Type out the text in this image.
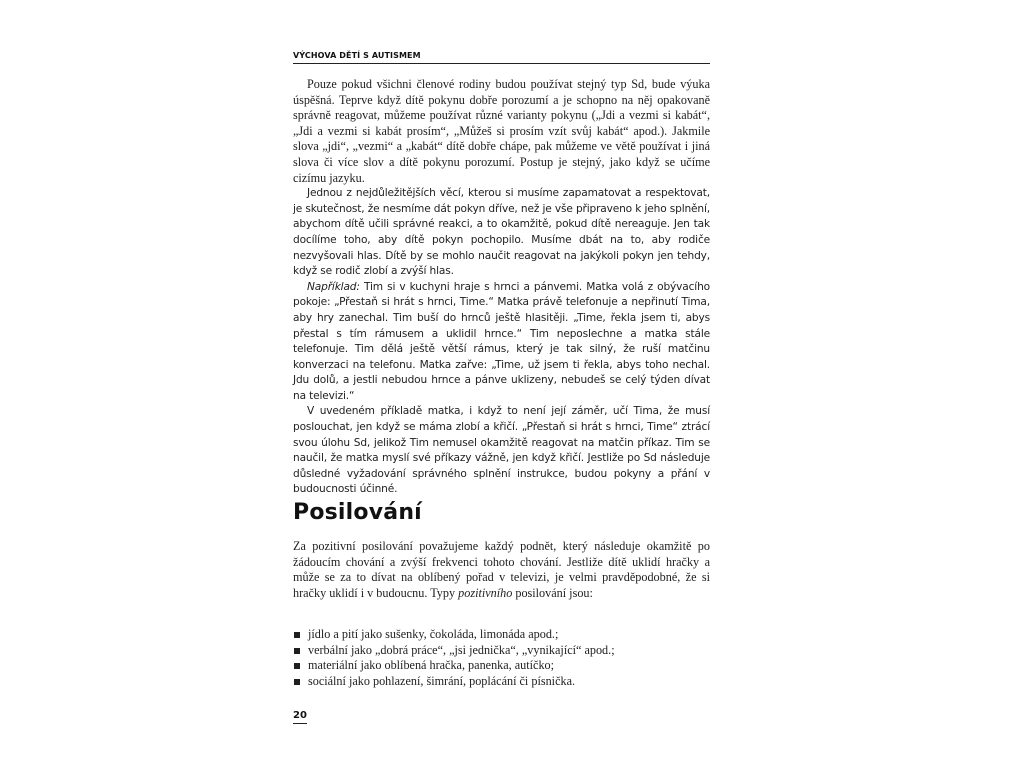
VÝCHOVA DĚTÍ S AUTISMEM

Pouze pokud všichni členové rodiny budou používat stejný typ Sd, bude výuka úspěšná. Teprve když dítě pokynu dobře porozumí a je schopno na něj opakovaně správně reagovat, můžeme používat různé varianty pokynu („Jdi a vezmi si kabát“, „Jdi a vezmi si kabát prosím“, „Můžeš si prosím vzít svůj kabát“ apod.). Jakmile slova „jdi“, „vezmi“ a „kabát“ dítě dobře chápe, pak můžeme ve větě používat i jiná slova či více slov a dítě pokynu porozumí. Postup je stejný, jako když se učíme cizímu jazyku.

Jednou z nejdůležitějších věcí, kterou si musíme zapamatovat a respektovat, je skutečnost, že nesmíme dát pokyn dříve, než je vše připraveno k jeho splnění, abychom dítě učili správné reakci, a to okamžitě, pokud dítě nereaguje. Jen tak docílíme toho, aby dítě pokyn pochopilo. Musíme dbát na to, aby rodiče nezvyšovali hlas. Dítě by se mohlo naučit reagovat na jakýkoli pokyn jen tehdy, když se rodič zlobí a zvýší hlas.

Například: Tim si v kuchyni hraje s hrnci a pánvemi. Matka volá z obývacího pokoje: „Přestaň si hrát s hrnci, Time.“ Matka právě telefonuje a nepřinutí Tima, aby hry zanechal. Tim buší do hrnců ještě hlasitěji. „Time, řekla jsem ti, abys přestal s tím rámusem a uklidil hrnce.“ Tim neposlechne a matka stále telefonuje. Tim dělá ještě větší rámus, který je tak silný, že ruší matčinu konverzaci na telefonu. Matka zařve: „Time, už jsem ti řekla, abys toho nechal. Jdu dolů, a jestli nebudou hrnce a pánve uklizeny, nebudeš se celý týden dívat na televizi.“

V uvedeném příkladě matka, i když to není její záměr, učí Tima, že musí poslouchat, jen když se máma zlobí a křičí. „Přestaň si hrát s hrnci, Time“ ztrácí svou úlohu Sd, jelikož Tim nemusel okamžitě reagovat na matčin příkaz. Tim se naučil, že matka myslí své příkazy vážně, jen když křičí. Jestliže po Sd následuje důsledné vyžadování správného splnění instrukce, budou pokyny a přání v budoucnosti účinné.

Posilování

Za pozitivní posilování považujeme každý podnět, který následuje okamžitě po žádoucím chování a zvýší frekvenci tohoto chování. Jestliže dítě uklidí hračky a může se za to dívat na oblíbený pořad v televizi, je velmi pravděpodobné, že si hračky uklidí i v budoucnu. Typy pozitivního posilování jsou:

jídlo a pití jako sušenky, čokoláda, limonáda apod.;
verbální jako „dobrá práce“, „jsi jednička“, „vynikající“ apod.;
materiální jako oblíbená hračka, panenka, autíčko;
sociální jako pohlazení, šimrání, poplácání či písnička.
20
